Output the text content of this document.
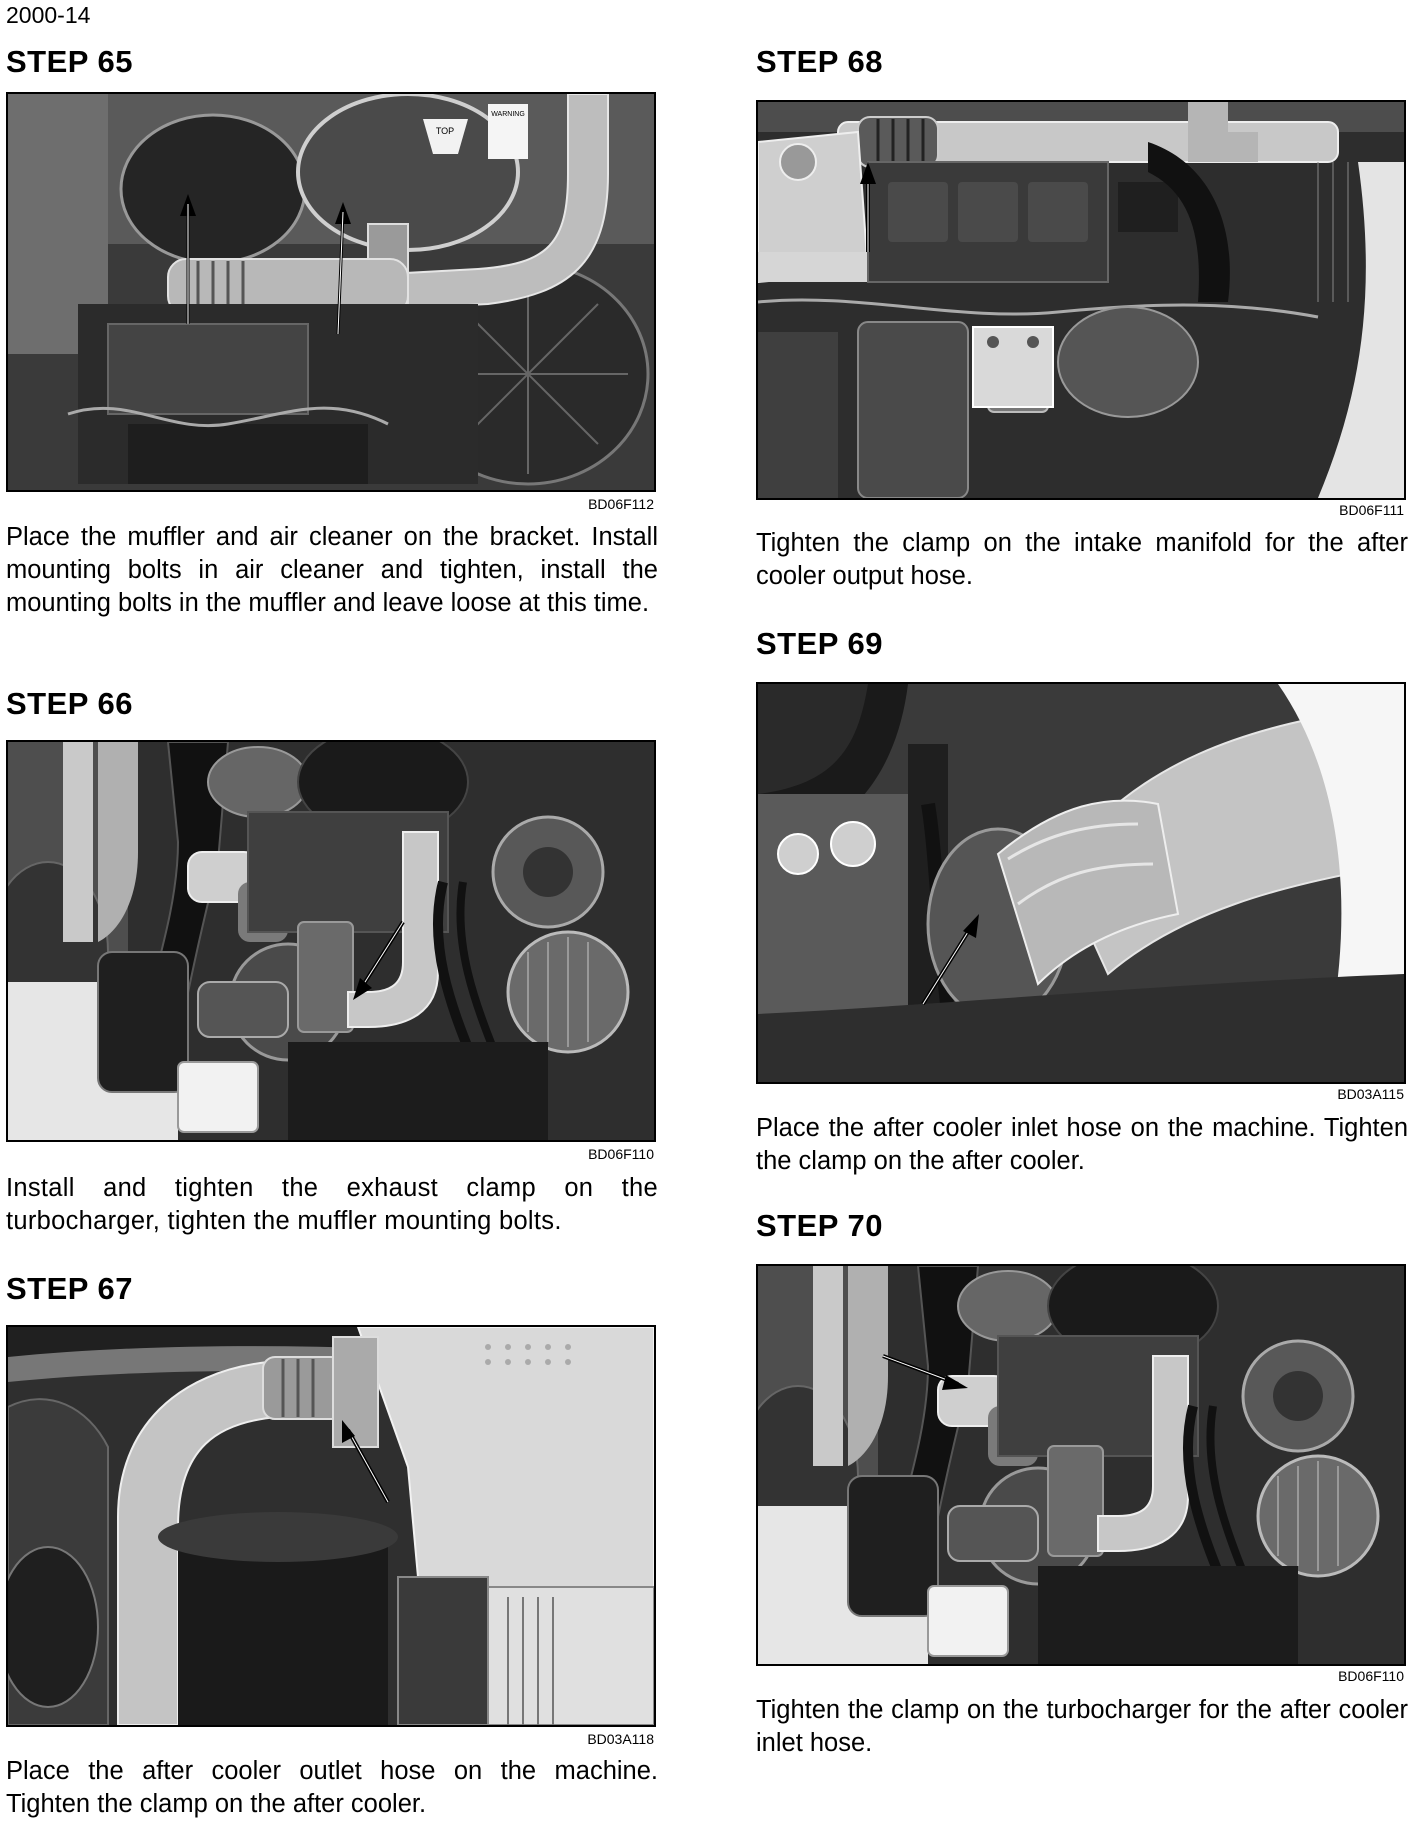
2000-14
STEP 65
TOP
WARNING
BD06F112
Place the muffler and air cleaner on the bracket. Install mounting bolts in air cleaner and tighten, install the mounting bolts in the muffler and leave loose at this time.
STEP 66
BD06F110
Install and tighten the exhaust clamp on the turbocharger, tighten the muffler mounting bolts.
STEP 67
BD03A118
Place the after cooler outlet hose on the machine. Tighten the clamp on the after cooler.
STEP 68
BD06F111
Tighten the clamp on the intake manifold for the after cooler output hose.
STEP 69
BD03A115
Place the after cooler inlet hose on the machine. Tighten the clamp on the after cooler.
STEP 70
BD06F110
Tighten the clamp on the turbocharger for the after cooler inlet hose.
